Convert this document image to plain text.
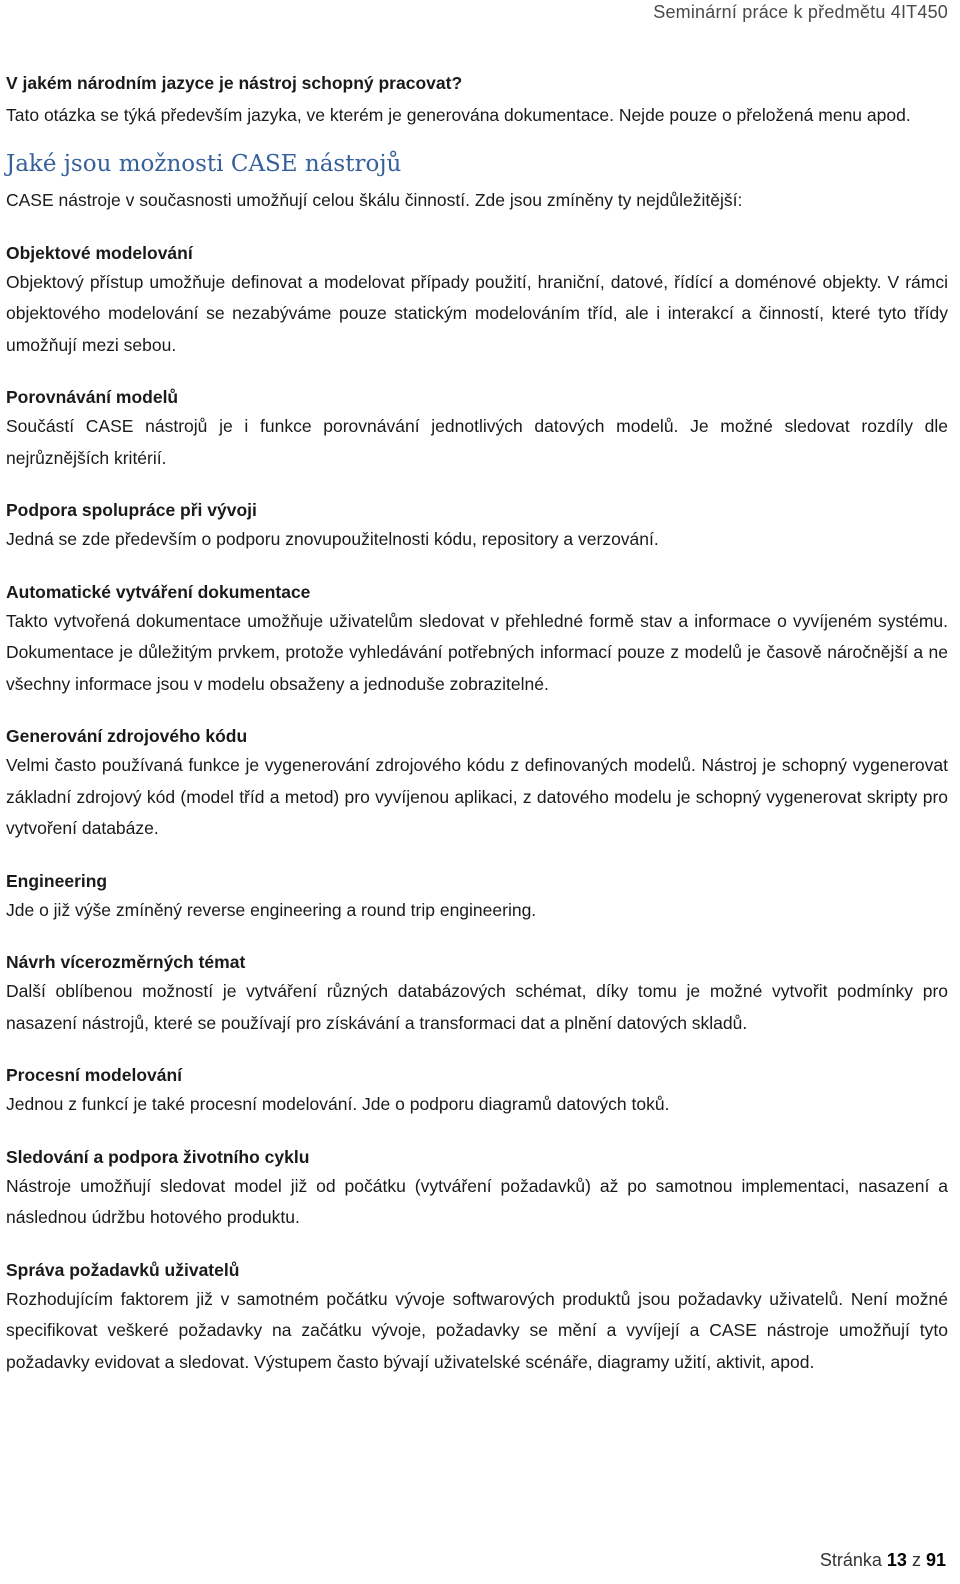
Seminární práce k předmětu 4IT450

V jakém národním jazyce je nástroj schopný pracovat?

Tato otázka se týká především jazyka, ve kterém je generována dokumentace. Nejde pouze o přeložená menu apod.

Jaké jsou možnosti CASE nástrojů

CASE nástroje v současnosti umožňují celou škálu činností. Zde jsou zmíněny ty nejdůležitější:

Objektové modelování

Objektový přístup umožňuje definovat a modelovat případy použití, hraniční, datové, řídící a doménové objekty. V rámci objektového modelování se nezabýváme pouze statickým modelováním tříd, ale i interakcí a činností, které tyto třídy umožňují mezi sebou.

Porovnávání modelů

Součástí CASE nástrojů je i funkce porovnávání jednotlivých datových modelů. Je možné sledovat rozdíly dle nejrůznějších kritérií.

Podpora spolupráce při vývoji

Jedná se zde především o podporu znovupoužitelnosti kódu, repository a verzování.

Automatické vytváření dokumentace

Takto vytvořená dokumentace umožňuje uživatelům sledovat v přehledné formě stav a informace o vyvíjeném systému. Dokumentace je důležitým prvkem, protože vyhledávání potřebných informací pouze z modelů je časově náročnější a ne všechny informace jsou v modelu obsaženy a jednoduše zobrazitelné.

Generování zdrojového kódu

Velmi často používaná funkce je vygenerování zdrojového kódu z definovaných modelů. Nástroj je schopný vygenerovat základní zdrojový kód (model tříd a metod) pro vyvíjenou aplikaci, z datového modelu je schopný vygenerovat skripty pro vytvoření databáze.

Engineering

Jde o již výše zmíněný reverse engineering a round trip engineering.

Návrh vícerozměrných témat

Další oblíbenou možností je vytváření různých databázových schémat, díky tomu je možné vytvořit podmínky pro nasazení nástrojů, které se používají pro získávání a transformaci dat a plnění datových skladů.

Procesní modelování

Jednou z funkcí je také procesní modelování. Jde o podporu diagramů datových toků.

Sledování a podpora životního cyklu

Nástroje umožňují sledovat model již od počátku (vytváření požadavků) až po samotnou implementaci, nasazení a následnou údržbu hotového produktu.

Správa požadavků uživatelů

Rozhodujícím faktorem již v samotném počátku vývoje softwarových produktů jsou požadavky uživatelů. Není možné specifikovat veškeré požadavky na začátku vývoje, požadavky se mění a vyvíjejí a CASE nástroje umožňují tyto požadavky evidovat a sledovat. Výstupem často bývají uživatelské scénáře, diagramy užití, aktivit, apod.

Stránka 13 z 91
